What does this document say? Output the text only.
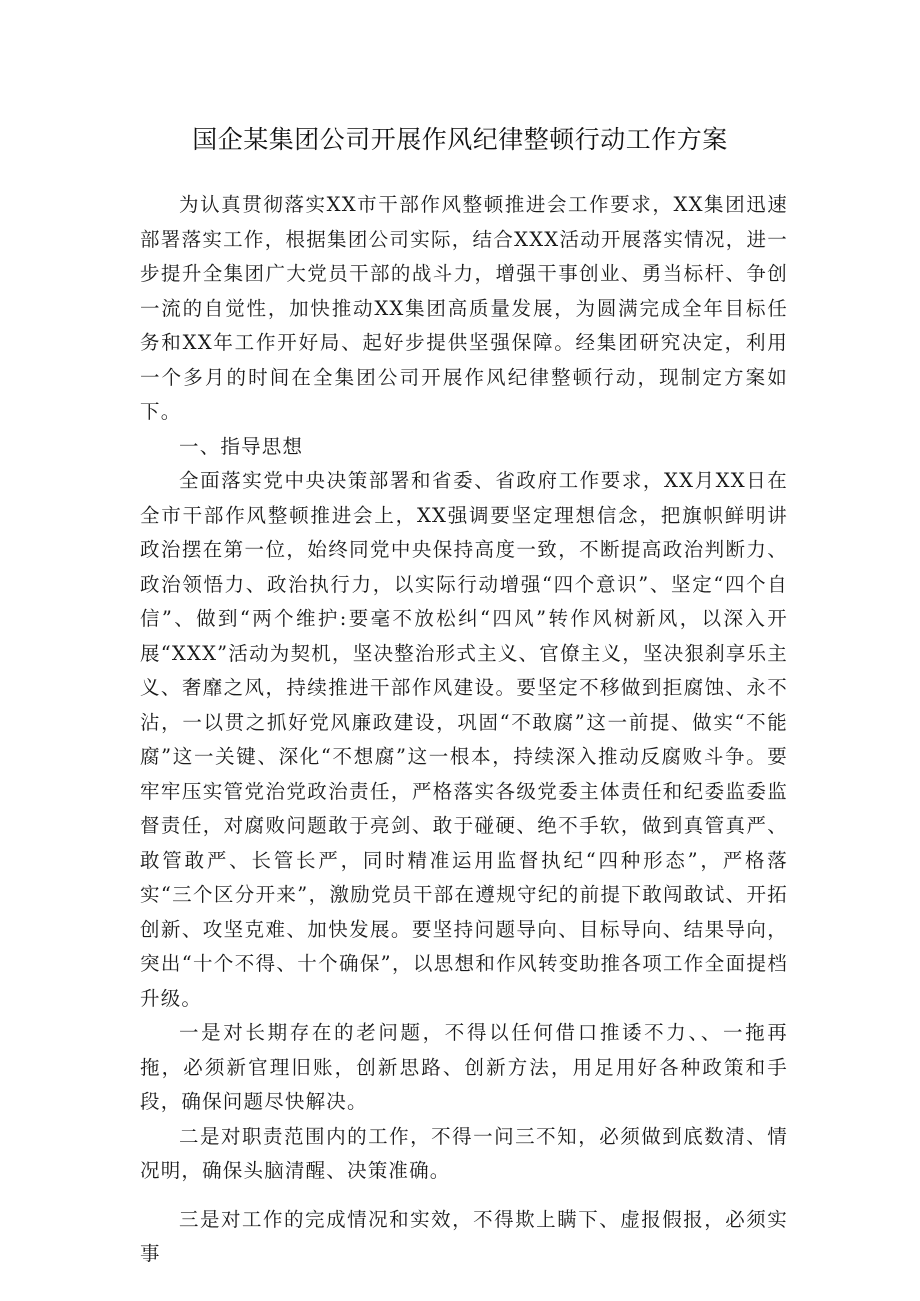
国企某集团公司开展作风纪律整顿行动工作方案

为认真贯彻落实XX市干部作风整顿推进会工作要求，XX集团迅速部署落实工作，根据集团公司实际，结合XXX活动开展落实情况，进一步提升全集团广大党员干部的战斗力，增强干事创业、勇当标杆、争创一流的自觉性，加快推动XX集团高质量发展，为圆满完成全年目标任务和XX年工作开好局、起好步提供坚强保障。经集团研究决定，利用一个多月的时间在全集团公司开展作风纪律整顿行动，现制定方案如下。

一、指导思想

全面落实党中央决策部署和省委、省政府工作要求，XX月XX日在全市干部作风整顿推进会上，XX强调要坚定理想信念，把旗帜鲜明讲政治摆在第一位，始终同党中央保持高度一致，不断提高政治判断力、政治领悟力、政治执行力，以实际行动增强“四个意识”、坚定“四个自信”、做到“两个维护:要毫不放松纠“四风”转作风树新风，以深入开展“XXX”活动为契机，坚决整治形式主义、官僚主义，坚决狠刹享乐主义、奢靡之风，持续推进干部作风建设。要坚定不移做到拒腐蚀、永不沾，一以贯之抓好党风廉政建设，巩固“不敢腐”这一前提、做实“不能腐”这一关键、深化“不想腐”这一根本，持续深入推动反腐败斗争。要牢牢压实管党治党政治责任，严格落实各级党委主体责任和纪委监委监督责任，对腐败问题敢于亮剑、敢于碰硬、绝不手软，做到真管真严、敢管敢严、长管长严，同时精准运用监督执纪“四种形态”，严格落实“三个区分开来”，激励党员干部在遵规守纪的前提下敢闯敢试、开拓创新、攻坚克难、加快发展。要坚持问题导向、目标导向、结果导向，突出“十个不得、十个确保”，以思想和作风转变助推各项工作全面提档升级。

一是对长期存在的老问题，不得以任何借口推诿不力、、一拖再拖，必须新官理旧账，创新思路、创新方法，用足用好各种政策和手段，确保问题尽快解决。

二是对职责范围内的工作，不得一问三不知，必须做到底数清、情况明，确保头脑清醒、决策准确。

三是对工作的完成情况和实效，不得欺上瞒下、虚报假报，必须实事
